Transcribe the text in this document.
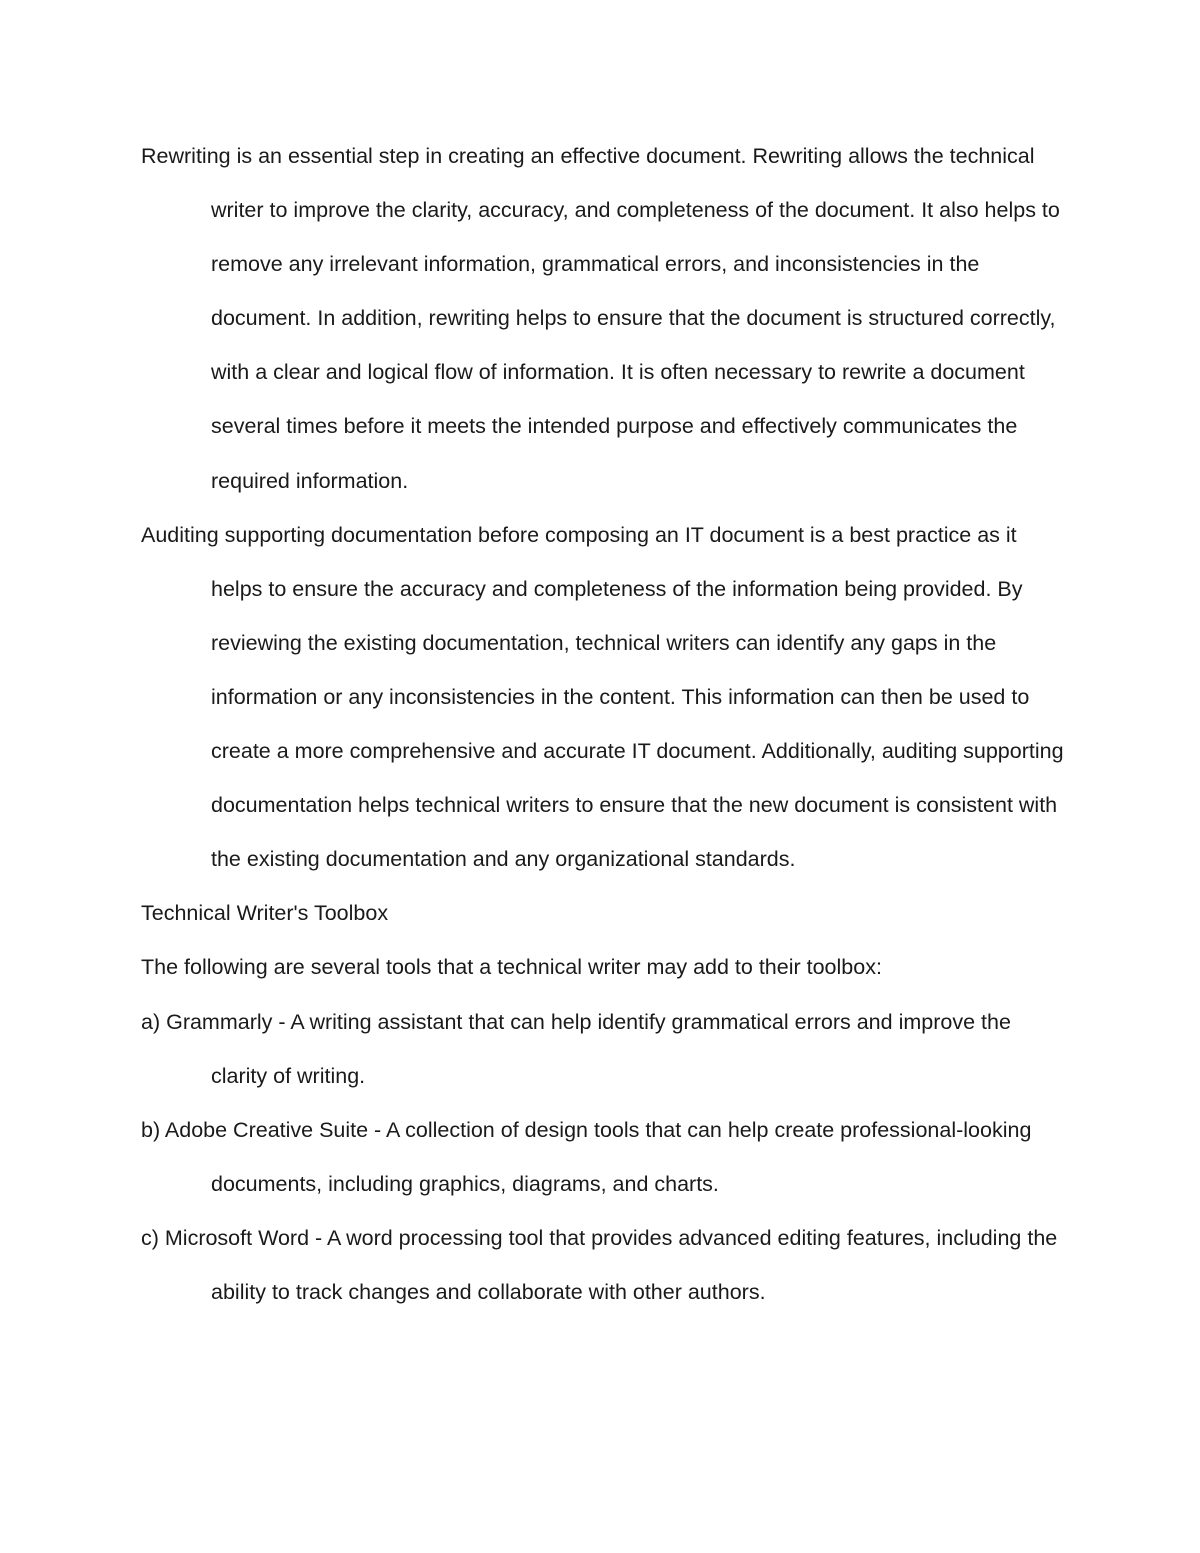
Rewriting is an essential step in creating an effective document. Rewriting allows the technical writer to improve the clarity, accuracy, and completeness of the document. It also helps to remove any irrelevant information, grammatical errors, and inconsistencies in the document. In addition, rewriting helps to ensure that the document is structured correctly, with a clear and logical flow of information. It is often necessary to rewrite a document several times before it meets the intended purpose and effectively communicates the required information.

Auditing supporting documentation before composing an IT document is a best practice as it helps to ensure the accuracy and completeness of the information being provided. By reviewing the existing documentation, technical writers can identify any gaps in the information or any inconsistencies in the content. This information can then be used to create a more comprehensive and accurate IT document. Additionally, auditing supporting documentation helps technical writers to ensure that the new document is consistent with the existing documentation and any organizational standards.

Technical Writer's Toolbox

The following are several tools that a technical writer may add to their toolbox:

a) Grammarly - A writing assistant that can help identify grammatical errors and improve the clarity of writing.

b) Adobe Creative Suite - A collection of design tools that can help create professional-looking documents, including graphics, diagrams, and charts.

c) Microsoft Word - A word processing tool that provides advanced editing features, including the ability to track changes and collaborate with other authors.
